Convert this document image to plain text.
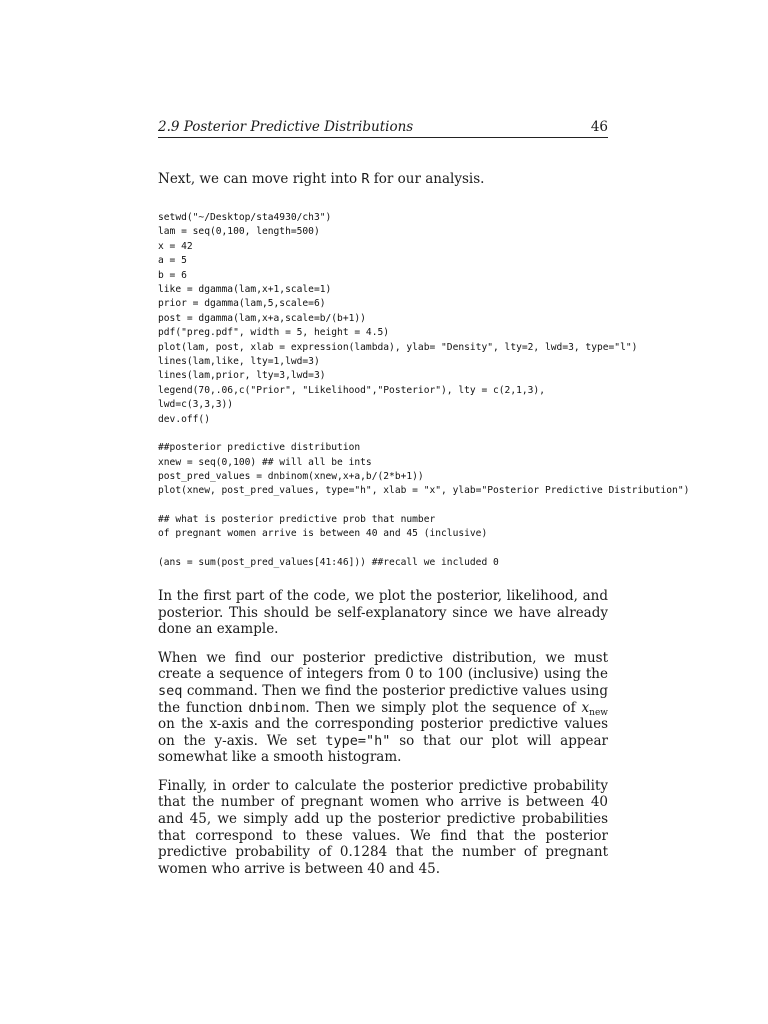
2.9 Posterior Predictive Distributions	46

Next, we can move right into R for our analysis.

setwd("~/Desktop/sta4930/ch3")
lam = seq(0,100, length=500)
x = 42
a = 5
b = 6
like = dgamma(lam,x+1,scale=1)
prior = dgamma(lam,5,scale=6)
post = dgamma(lam,x+a,scale=b/(b+1))
pdf("preg.pdf", width = 5, height = 4.5)
plot(lam, post, xlab = expression(lambda), ylab= "Density", lty=2, lwd=3, type="l")
lines(lam,like, lty=1,lwd=3)
lines(lam,prior, lty=3,lwd=3)
legend(70,.06,c("Prior", "Likelihood","Posterior"), lty = c(2,1,3),
lwd=c(3,3,3))
dev.off()
##posterior predictive distribution
xnew = seq(0,100) ## will all be ints
post_pred_values = dnbinom(xnew,x+a,b/(2*b+1))
plot(xnew, post_pred_values, type="h", xlab = "x", ylab="Posterior Predictive Distribution")
## what is posterior predictive prob that number
of pregnant women arrive is between 40 and 45 (inclusive)
(ans = sum(post_pred_values[41:46])) ##recall we included 0

In the first part of the code, we plot the posterior, likelihood, and posterior. This should be self-explanatory since we have already done an example.

When we find our posterior predictive distribution, we must create a sequence of integers from 0 to 100 (inclusive) using the seq command. Then we find the posterior predictive values using the function dnbinom. Then we simply plot the sequence of $x_{new}$ on the x-axis and the corresponding posterior predictive values on the y-axis. We set type="h" so that our plot will appear somewhat like a smooth histogram.

Finally, in order to calculate the posterior predictive probability that the number of pregnant women who arrive is between 40 and 45, we simply add up the posterior predictive probabilities that correspond to these values. We find that the posterior predictive probability of 0.1284 that the number of pregnant women who arrive is between 40 and 45.
